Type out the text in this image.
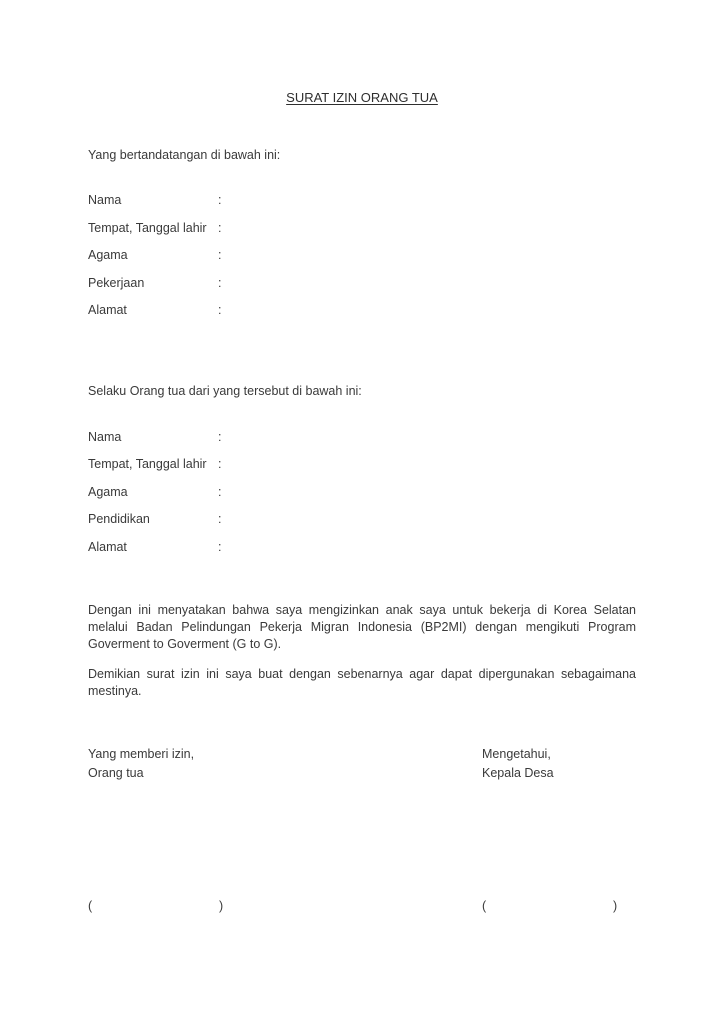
SURAT IZIN ORANG TUA
Yang bertandatangan di bawah ini:
Nama	:
Tempat, Tanggal lahir :
Agama	:
Pekerjaan	:
Alamat	:
Selaku Orang tua dari yang tersebut di bawah ini:
Nama	:
Tempat, Tanggal lahir :
Agama	:
Pendidikan	:
Alamat	:
Dengan ini menyatakan bahwa saya mengizinkan anak saya untuk bekerja di Korea Selatan melalui Badan Pelindungan Pekerja Migran Indonesia (BP2MI) dengan mengikuti Program Goverment to Goverment (G to G).
Demikian surat izin ini saya buat dengan sebenarnya agar dapat dipergunakan sebagaimana mestinya.
Yang memberi izin,
Orang tua
Mengetahui,
Kepala Desa
(	)	(	)
